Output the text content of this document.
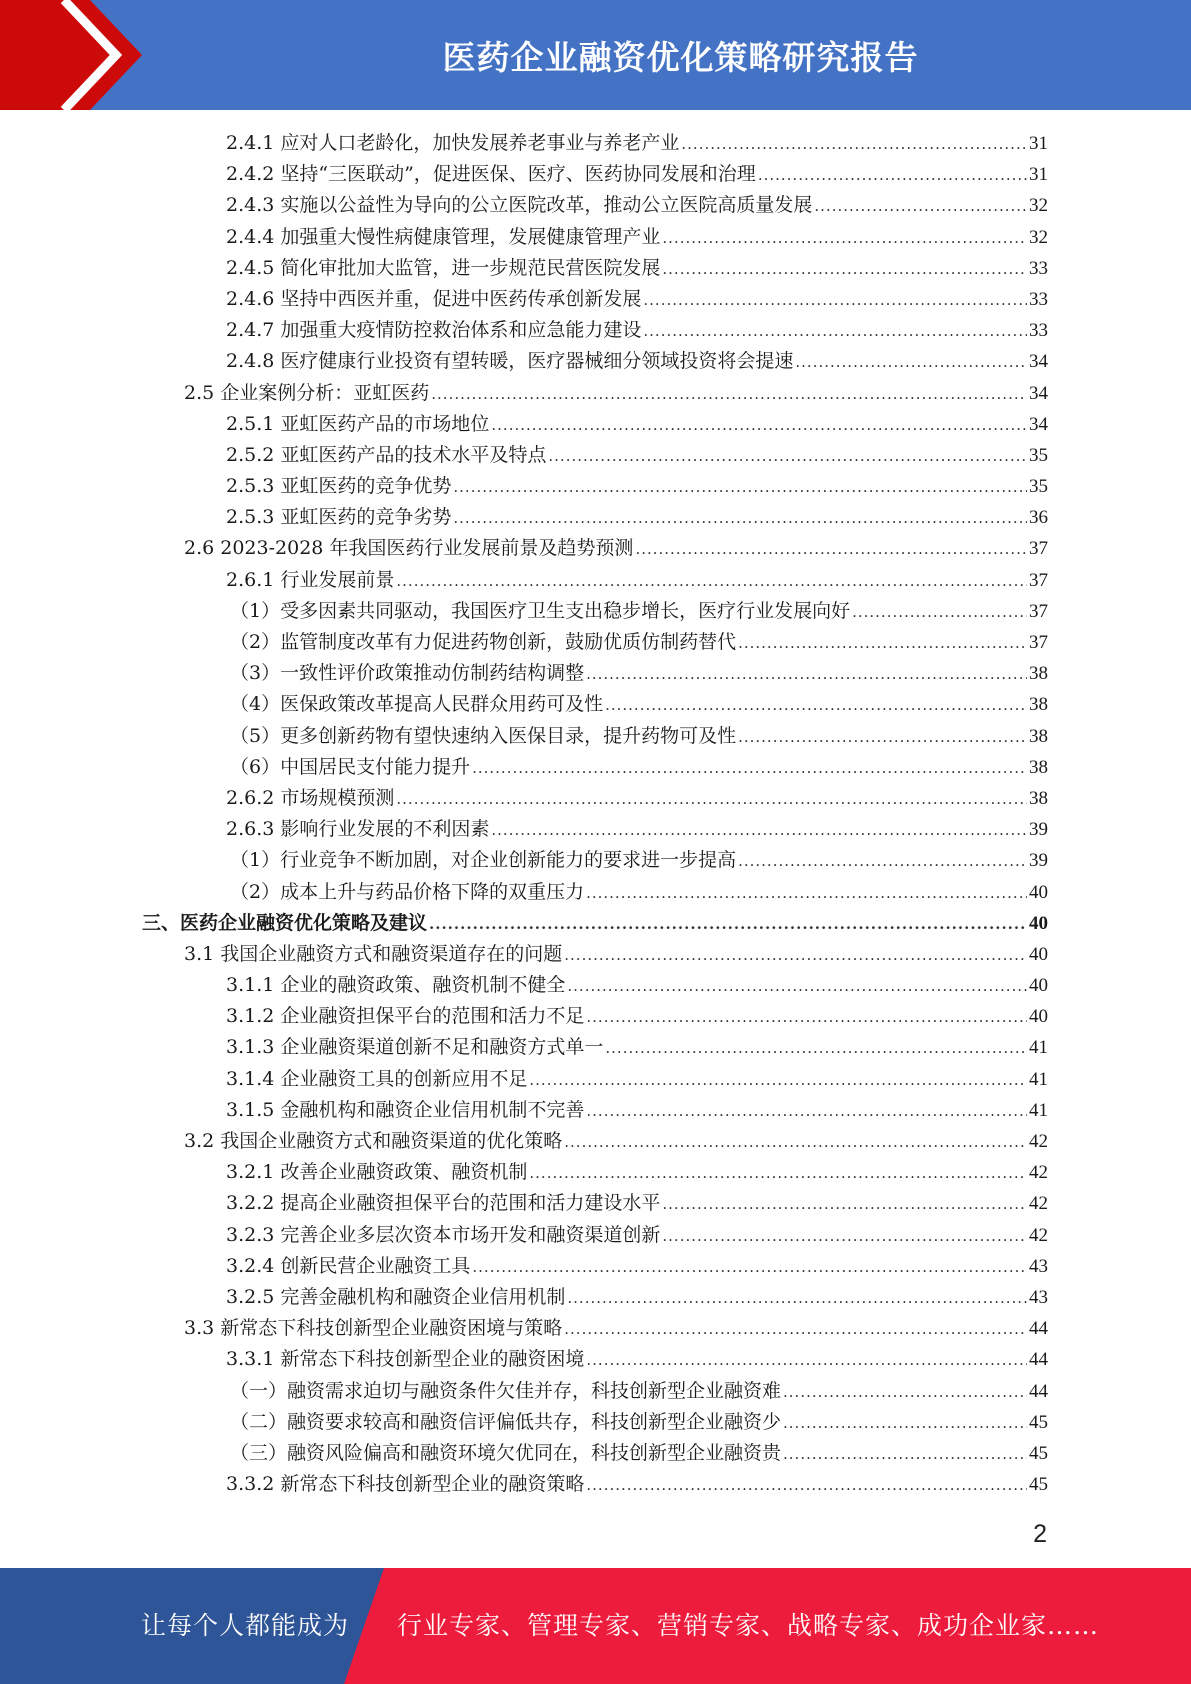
医药企业融资优化策略研究报告
2.4.1 应对人口老龄化，加快发展养老事业与养老产业 .....	31
2.4.2 坚持“三医联动”，促进医保、医疗、医药协同发展和治理 .....	31
2.4.3 实施以公益性为导向的公立医院改革，推动公立医院高质量发展 .....	32
2.4.4 加强重大慢性病健康管理，发展健康管理产业 .....	32
2.4.5 简化审批加大监管，进一步规范民营医院发展 .....	33
2.4.6 坚持中西医并重，促进中医药传承创新发展 .....	33
2.4.7 加强重大疫情防控救治体系和应急能力建设 .....	33
2.4.8 医疗健康行业投资有望转暖，医疗器械细分领域投资将会提速 .....	34
2.5 企业案例分析：亚虹医药 .....	34
2.5.1 亚虹医药产品的市场地位 .....	34
2.5.2 亚虹医药产品的技术水平及特点 .....	35
2.5.3 亚虹医药的竞争优势 .....	35
2.5.3 亚虹医药的竞争劣势 .....	36
2.6 2023-2028 年我国医药行业发展前景及趋势预测 .....	37
2.6.1 行业发展前景 .....	37
（1）受多因素共同驱动，我国医疗卫生支出稳步增长，医疗行业发展向好 .....	37
（2）监管制度改革有力促进药物创新，鼓励优质仿制药替代 .....	37
（3）一致性评价政策推动仿制药结构调整 .....	38
（4）医保政策改革提高人民群众用药可及性 .....	38
（5）更多创新药物有望快速纳入医保目录，提升药物可及性 .....	38
（6）中国居民支付能力提升 .....	38
2.6.2 市场规模预测 .....	38
2.6.3 影响行业发展的不利因素 .....	39
（1）行业竞争不断加剧，对企业创新能力的要求进一步提高 .....	39
（2）成本上升与药品价格下降的双重压力 .....	40
三、医药企业融资优化策略及建议 .....	40
3.1 我国企业融资方式和融资渠道存在的问题 .....	40
3.1.1 企业的融资政策、融资机制不健全 .....	40
3.1.2 企业融资担保平台的范围和活力不足 .....	40
3.1.3 企业融资渠道创新不足和融资方式单一 .....	41
3.1.4 企业融资工具的创新应用不足 .....	41
3.1.5 金融机构和融资企业信用机制不完善 .....	41
3.2 我国企业融资方式和融资渠道的优化策略 .....	42
3.2.1 改善企业融资政策、融资机制 .....	42
3.2.2 提高企业融资担保平台的范围和活力建设水平 .....	42
3.2.3 完善企业多层次资本市场开发和融资渠道创新 .....	42
3.2.4 创新民营企业融资工具 .....	43
3.2.5 完善金融机构和融资企业信用机制 .....	43
3.3 新常态下科技创新型企业融资困境与策略 .....	44
3.3.1 新常态下科技创新型企业的融资困境 .....	44
（一）融资需求迫切与融资条件欠佳并存，科技创新型企业融资难 .....	44
（二）融资要求较高和融资信评偏低共存，科技创新型企业融资少 .....	45
（三）融资风险偏高和融资环境欠优同在，科技创新型企业融资贵 .....	45
3.3.2 新常态下科技创新型企业的融资策略 .....	45
2
让每个人都能成为 行业专家、管理专家、营销专家、战略专家、成功企业家……
